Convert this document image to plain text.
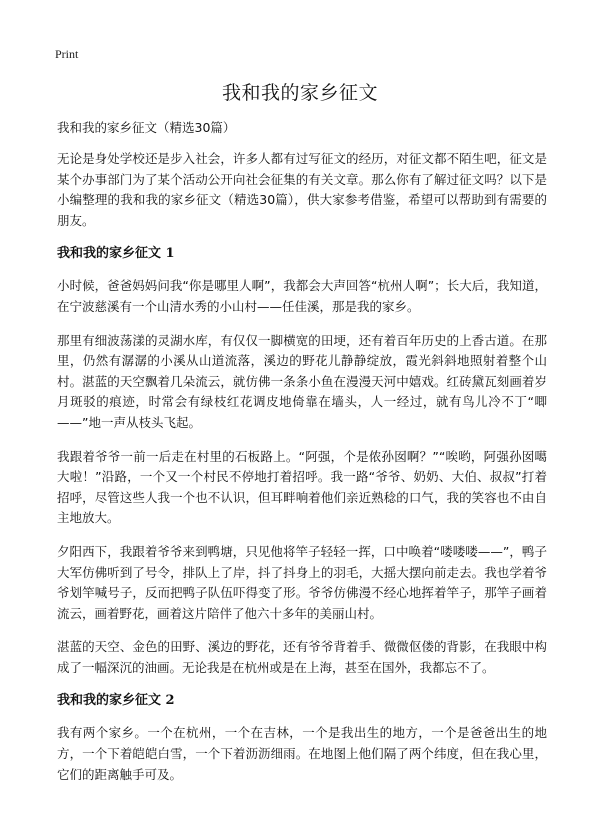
Print
我和我的家乡征文

我和我的家乡征文（精选30篇）

无论是身处学校还是步入社会，许多人都有过写征文的经历，对征文都不陌生吧，征文是某个办事部门为了某个活动公开向社会征集的有关文章。那么你有了解过征文吗？以下是小编整理的我和我的家乡征文（精选30篇），供大家参考借鉴，希望可以帮助到有需要的朋友。

我和我的家乡征文 1

小时候，爸爸妈妈问我“你是哪里人啊”，我都会大声回答“杭州人啊”；长大后，我知道，在宁波慈溪有一个山清水秀的小山村——任佳溪，那是我的家乡。

那里有细波荡漾的灵湖水库，有仅仅一脚横宽的田埂，还有着百年历史的上香古道。在那里，仍然有潺潺的小溪从山道流落，溪边的野花儿静静绽放，霞光斜斜地照射着整个山村。湛蓝的天空飘着几朵流云，就仿佛一条条小鱼在漫漫天河中嬉戏。红砖黛瓦刻画着岁月斑驳的痕迹，时常会有绿枝红花调皮地倚靠在墙头，人一经过，就有鸟儿冷不丁“唧——”地一声从枝头飞起。

我跟着爷爷一前一后走在村里的石板路上。“阿强，个是侬孙囡啊？”“唉哟，阿强孙囡噶大啦！”沿路，一个又一个村民不停地打着招呼。我一路“爷爷、奶奶、大伯、叔叔”打着招呼，尽管这些人我一个也不认识，但耳畔响着他们亲近熟稔的口气，我的笑容也不由自主地放大。

夕阳西下，我跟着爷爷来到鸭塘，只见他将竿子轻轻一挥，口中唤着“喽喽喽——”，鸭子大军仿佛听到了号令，排队上了岸，抖了抖身上的羽毛，大摇大摆向前走去。我也学着爷爷划竿喊号子，反而把鸭子队伍吓得变了形。爷爷仿佛漫不经心地挥着竿子，那竿子画着流云，画着野花，画着这片陪伴了他六十多年的美丽山村。

湛蓝的天空、金色的田野、溪边的野花，还有爷爷背着手、微微伛偻的背影，在我眼中构成了一幅深沉的油画。无论我是在杭州或是在上海，甚至在国外，我都忘不了。

我和我的家乡征文 2

我有两个家乡。一个在杭州，一个在吉林，一个是我出生的地方，一个是爸爸出生的地方，一个下着皑皑白雪，一个下着沥沥细雨。在地图上他们隔了两个纬度，但在我心里，它们的距离触手可及。
